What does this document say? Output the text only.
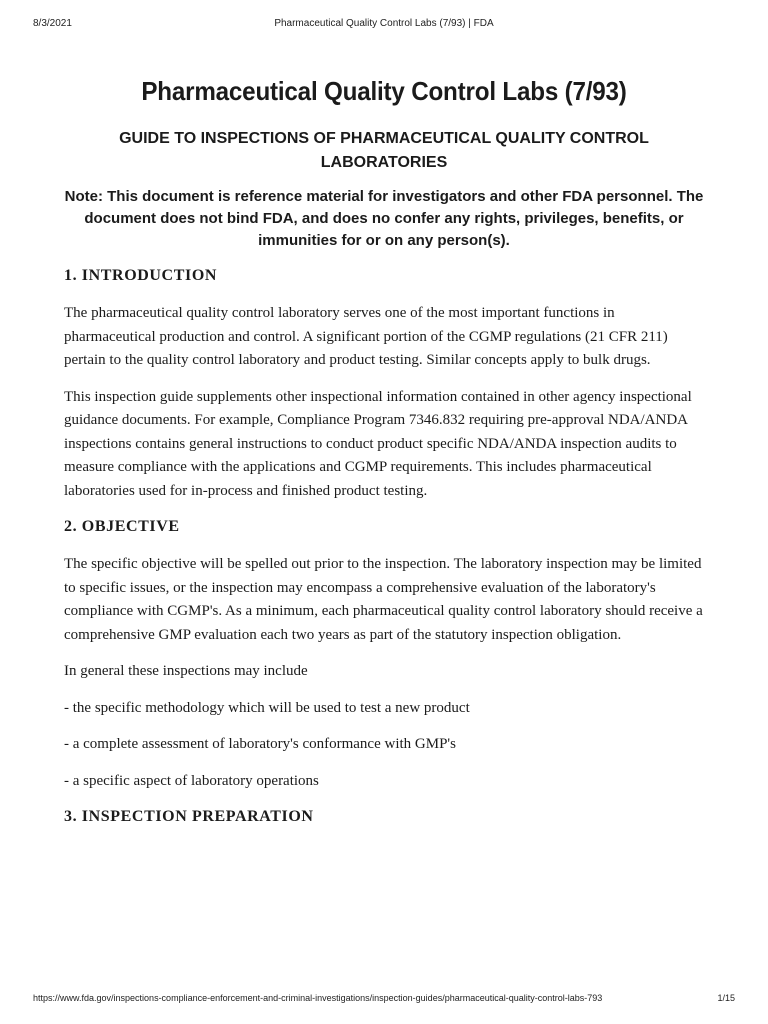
8/3/2021	Pharmaceutical Quality Control Labs (7/93) | FDA
Pharmaceutical Quality Control Labs (7/93)
GUIDE TO INSPECTIONS OF PHARMACEUTICAL QUALITY CONTROL LABORATORIES

Note: This document is reference material for investigators and other FDA personnel. The document does not bind FDA, and does no confer any rights, privileges, benefits, or immunities for or on any person(s).

1. INTRODUCTION

The pharmaceutical quality control laboratory serves one of the most important functions in pharmaceutical production and control. A significant portion of the CGMP regulations (21 CFR 211) pertain to the quality control laboratory and product testing. Similar concepts apply to bulk drugs.

This inspection guide supplements other inspectional information contained in other agency inspectional guidance documents. For example, Compliance Program 7346.832 requiring pre-approval NDA/ANDA inspections contains general instructions to conduct product specific NDA/ANDA inspection audits to measure compliance with the applications and CGMP requirements. This includes pharmaceutical laboratories used for in-process and finished product testing.

2. OBJECTIVE

The specific objective will be spelled out prior to the inspection. The laboratory inspection may be limited to specific issues, or the inspection may encompass a comprehensive evaluation of the laboratory's compliance with CGMP's. As a minimum, each pharmaceutical quality control laboratory should receive a comprehensive GMP evaluation each two years as part of the statutory inspection obligation.

In general these inspections may include

- the specific methodology which will be used to test a new product

- a complete assessment of laboratory's conformance with GMP's

- a specific aspect of laboratory operations

3. INSPECTION PREPARATION
https://www.fda.gov/inspections-compliance-enforcement-and-criminal-investigations/inspection-guides/pharmaceutical-quality-control-labs-793	1/15
